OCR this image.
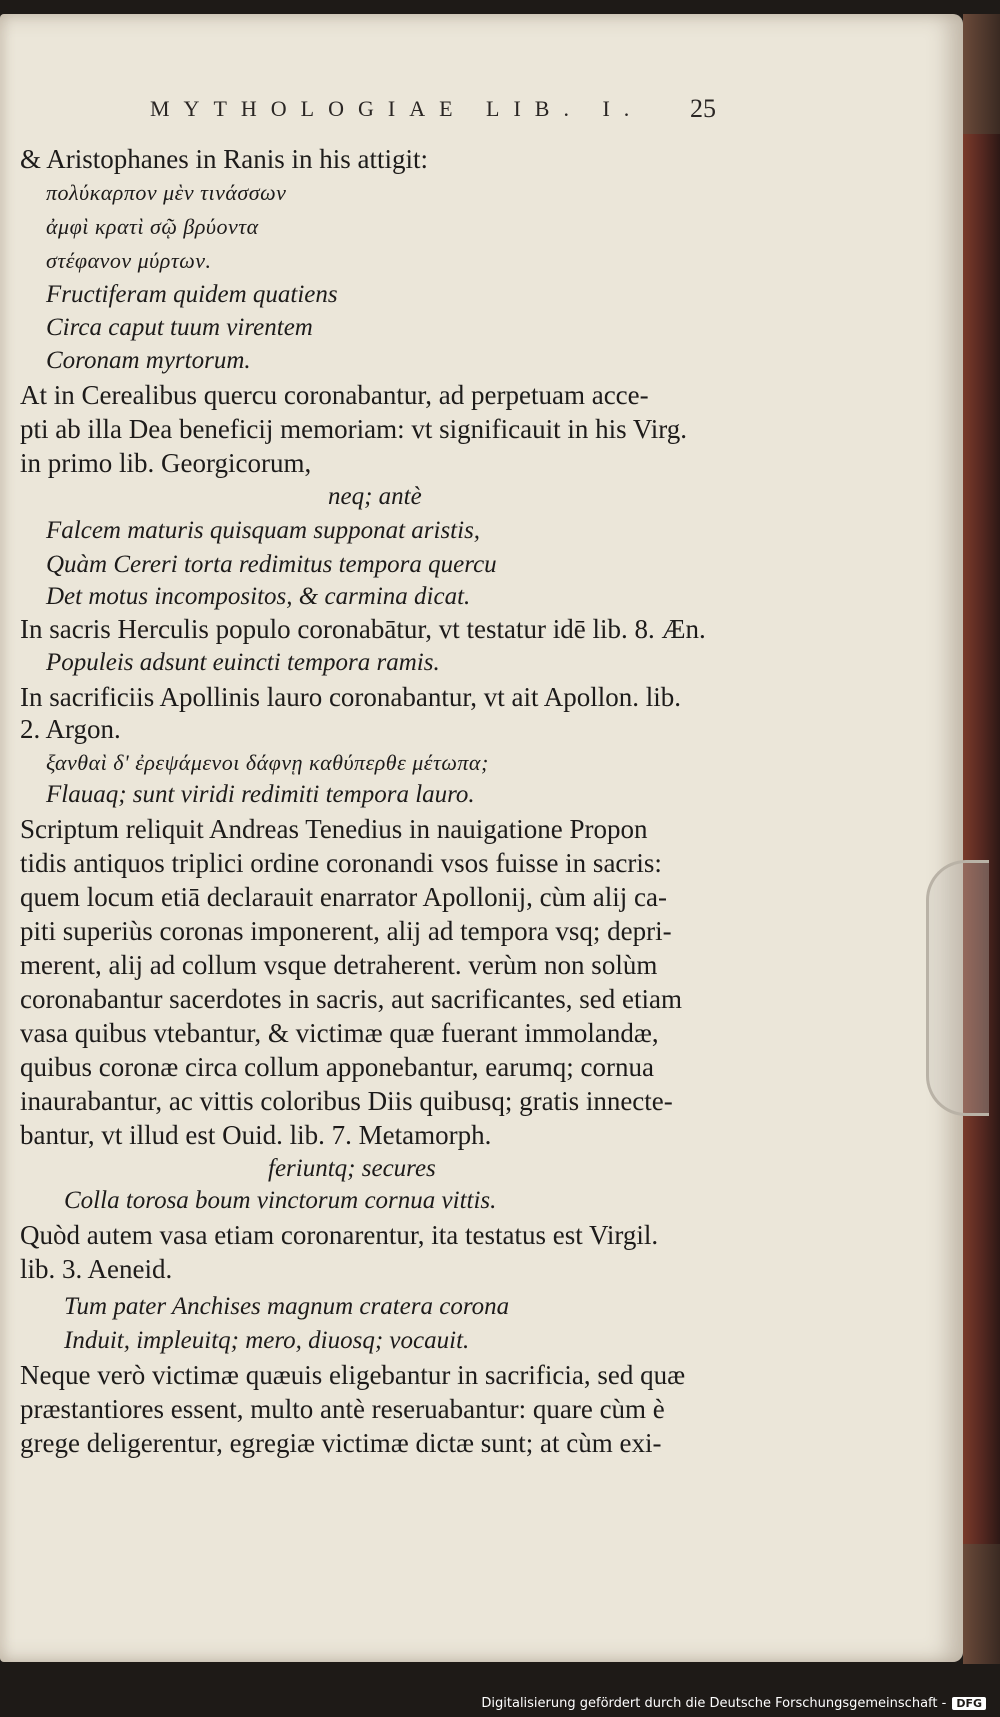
MYTHOLOGIAE LIB. I.	25
& Aristophanes in Ranis in his attigit:
πολύκαρπον μὲν τινάσσων
ἀμφὶ κρατὶ σῷ βρύοντα
στέφανον μύρτων.
Fructiferam quidem quatiens
Circa caput tuum virentem
Coronam myrtorum.
At in Cerealibus quercu coronabantur, ad perpetuam acce-
pti ab illa Dea beneficij memoriam: vt significauit in his Virg.
in primo lib. Georgicorum,
neq; antè
Falcem maturis quisquam supponat aristis,
Quàm Cereri torta redimitus tempora quercu
Det motus incompositos, & carmina dicat.
In sacris Herculis populo coronabātur, vt testatur idē lib. 8. Æn.
Populeis adsunt euincti tempora ramis.
In sacrificiis Apollinis lauro coronabantur, vt ait Apollon. lib.
2. Argon.
ξανθαὶ δ' ἐρεψάμενοι δάφνῃ καθύπερθε μέτωπα;
Flauaq; sunt viridi redimiti tempora lauro.
Scriptum reliquit Andreas Tenedius in nauigatione Propon
tidis antiquos triplici ordine coronandi vsos fuisse in sacris:
quem locum etiā declarauit enarrator Apollonij, cùm alij ca-
piti superiùs coronas imponerent, alij ad tempora vsq; depri-
merent, alij ad collum vsque detraherent. verùm non solùm
coronabantur sacerdotes in sacris, aut sacrificantes, sed etiam
vasa quibus vtebantur, & victimæ quæ fuerant immolandæ,
quibus coronæ circa collum apponebantur, earumq; cornua
inaurabantur, ac vittis coloribus Diis quibusq; gratis innecte-
bantur, vt illud est Ouid. lib. 7. Metamorph.
feriuntq; secures
Colla torosa boum vinctorum cornua vittis.
Quòd autem vasa etiam coronarentur, ita testatus est Virgil.
lib. 3. Aeneid.
Tum pater Anchises magnum cratera corona
Induit, impleuitq; mero, diuosq; vocauit.
Neque verò victimæ quæuis eligebantur in sacrificia, sed quæ
præstantiores essent, multo antè reseruabantur: quare cùm è
grege deligerentur, egregiæ victimæ dictæ sunt; at cùm exi-
Digitalisierung gefördert durch die Deutsche Forschungsgemeinschaft - DFG
